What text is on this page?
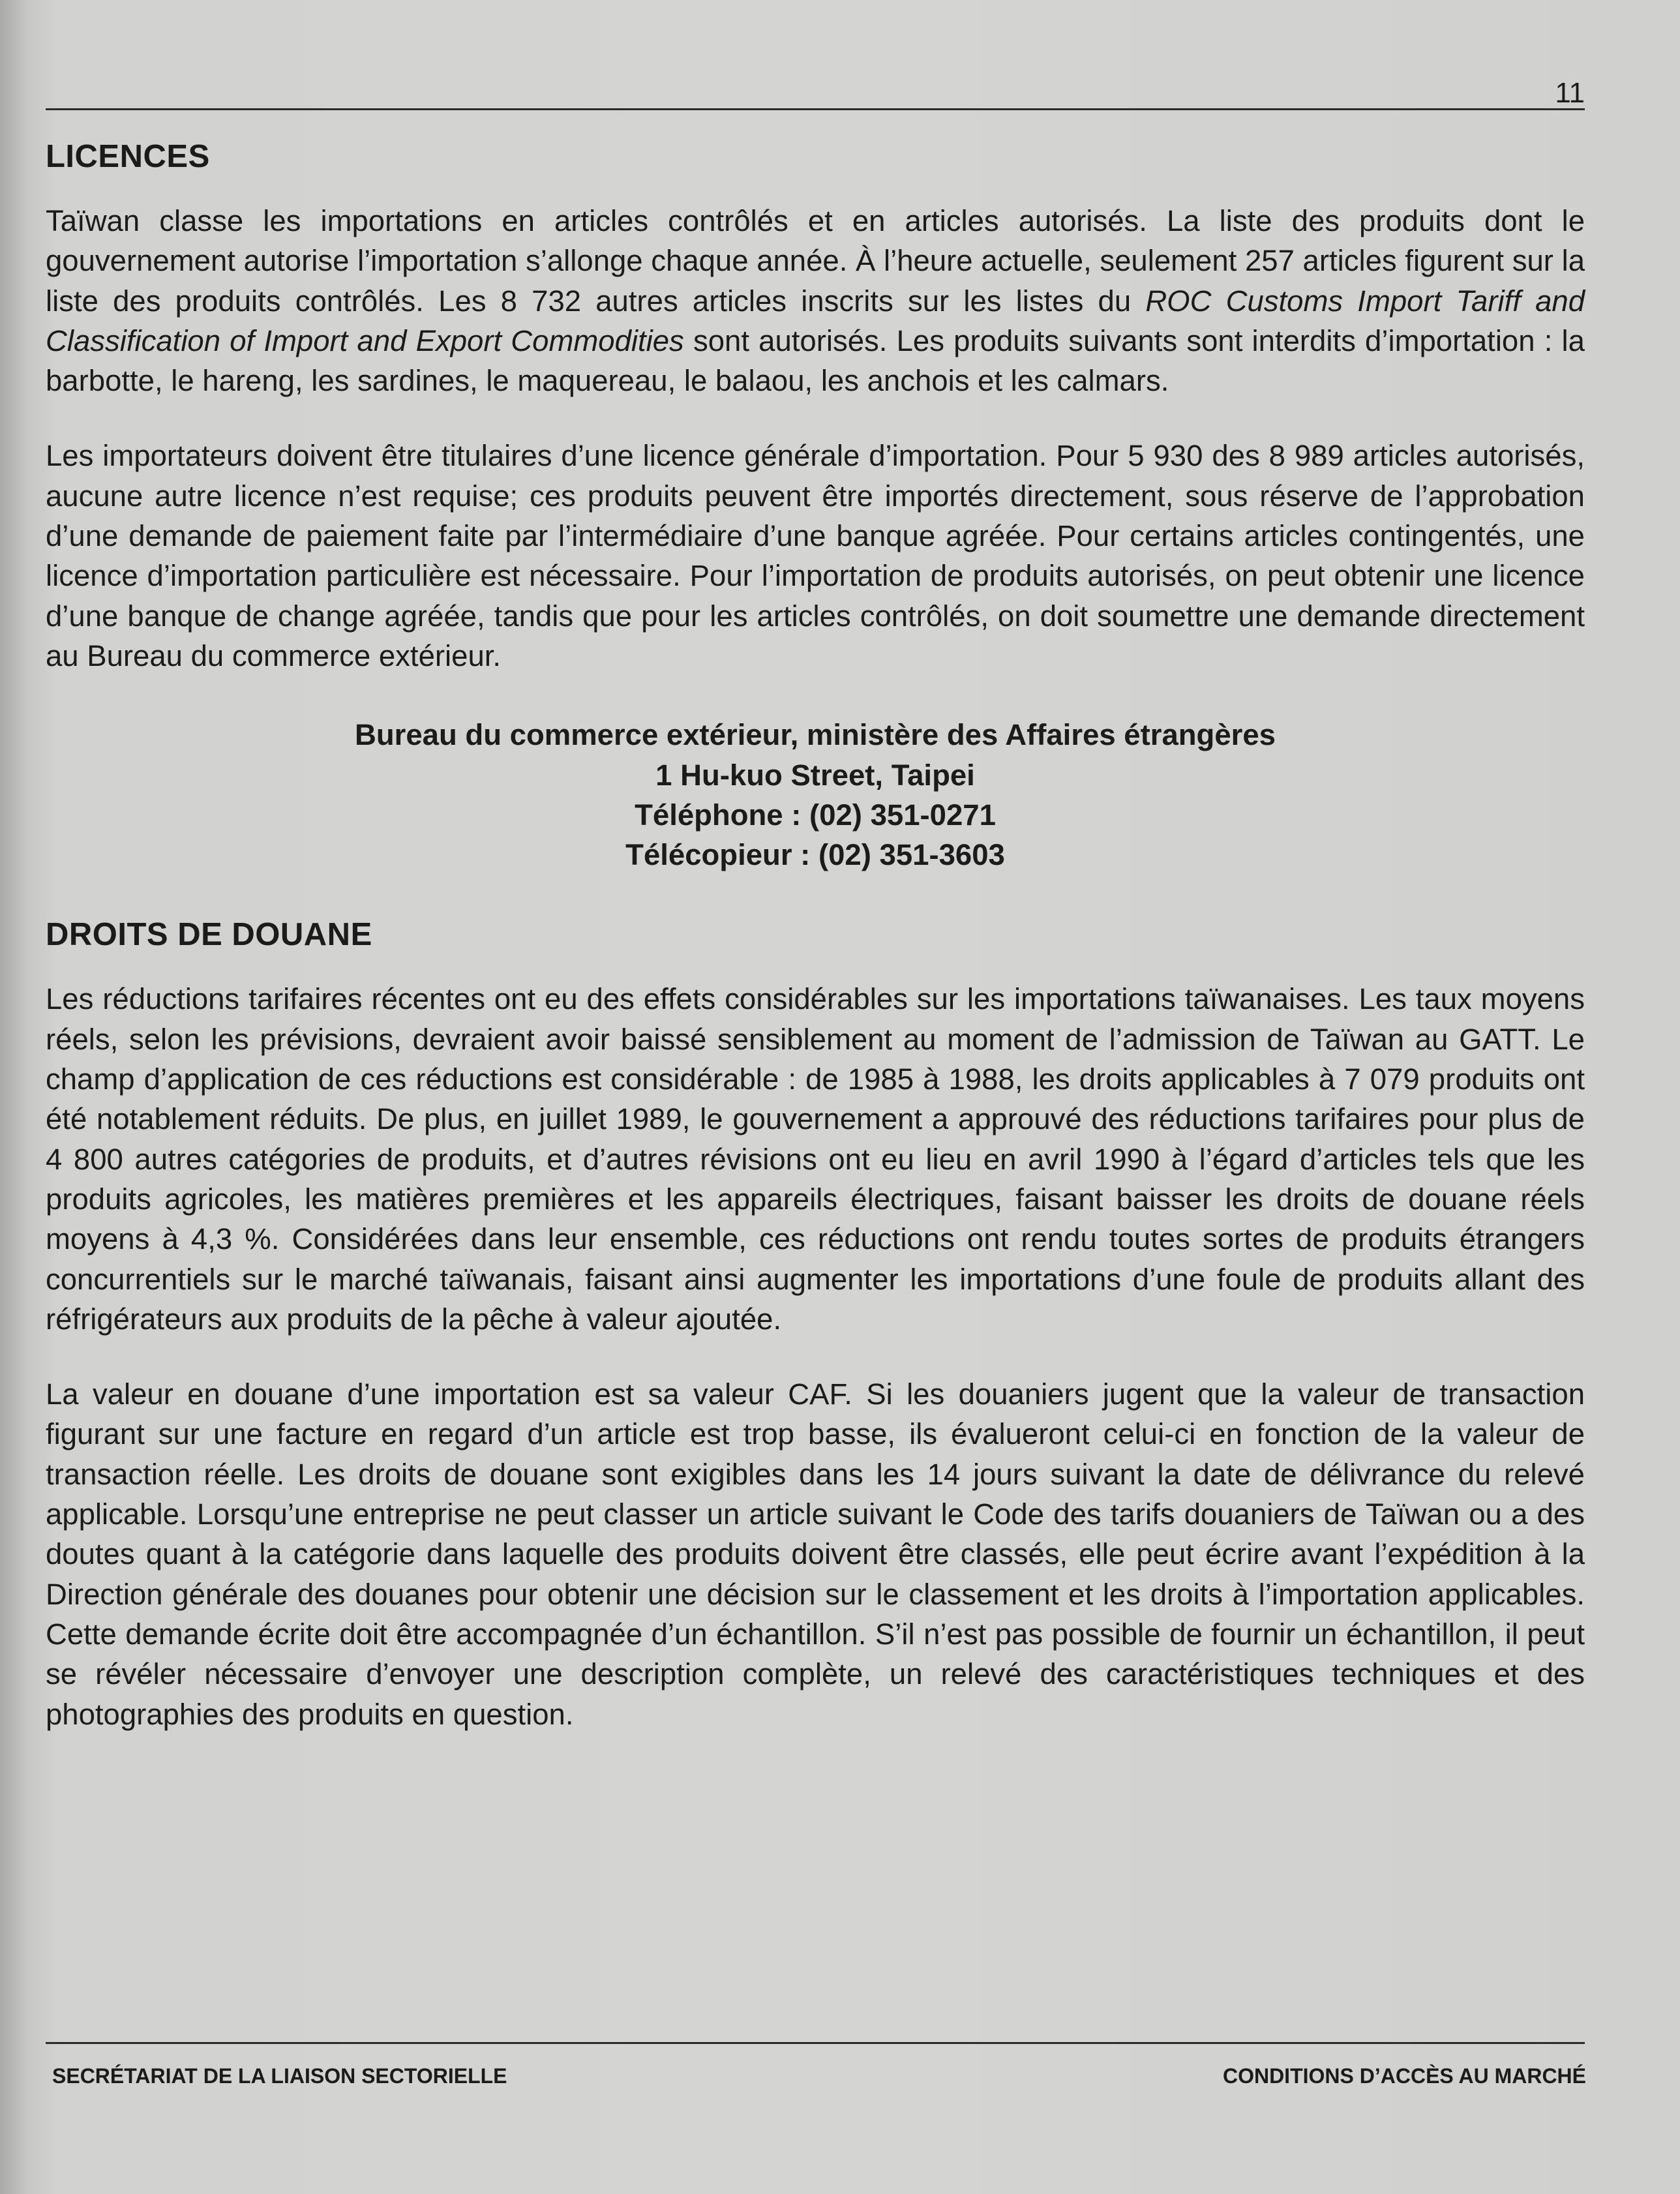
11
LICENCES

Taïwan classe les importations en articles contrôlés et en articles autorisés. La liste des produits dont le gouvernement autorise l’importation s’allonge chaque année. À l’heure actuelle, seulement 257 articles figurent sur la liste des produits contrôlés. Les 8 732 autres articles inscrits sur les listes du ROC Customs Import Tariff and Classification of Import and Export Commodities sont autorisés. Les produits suivants sont interdits d’importation : la barbotte, le hareng, les sardines, le maquereau, le balaou, les anchois et les calmars.

Les importateurs doivent être titulaires d’une licence générale d’importation. Pour 5 930 des 8 989 articles autorisés, aucune autre licence n’est requise; ces produits peuvent être importés directement, sous réserve de l’approbation d’une demande de paiement faite par l’intermédiaire d’une banque agréée. Pour certains articles contingentés, une licence d’importation particulière est nécessaire. Pour l’importation de produits autorisés, on peut obtenir une licence d’une banque de change agréée, tandis que pour les articles contrôlés, on doit soumettre une demande directement au Bureau du commerce extérieur.

Bureau du commerce extérieur, ministère des Affaires étrangères

1 Hu-kuo Street, Taipei

Téléphone : (02) 351-0271

Télécopieur : (02) 351-3603

DROITS DE DOUANE

Les réductions tarifaires récentes ont eu des effets considérables sur les importations taïwanaises. Les taux moyens réels, selon les prévisions, devraient avoir baissé sensiblement au moment de l’admission de Taïwan au GATT. Le champ d’application de ces réductions est considérable : de 1985 à 1988, les droits applicables à 7 079 produits ont été notablement réduits. De plus, en juillet 1989, le gouvernement a approuvé des réductions tarifaires pour plus de 4 800 autres catégories de produits, et d’autres révisions ont eu lieu en avril 1990 à l’égard d’articles tels que les produits agricoles, les matières premières et les appareils électriques, faisant baisser les droits de douane réels moyens à 4,3 %. Considérées dans leur ensemble, ces réductions ont rendu toutes sortes de produits étrangers concurrentiels sur le marché taïwanais, faisant ainsi augmenter les importations d’une foule de produits allant des réfrigérateurs aux produits de la pêche à valeur ajoutée.

La valeur en douane d’une importation est sa valeur CAF. Si les douaniers jugent que la valeur de transaction figurant sur une facture en regard d’un article est trop basse, ils évalueront celui-ci en fonction de la valeur de transaction réelle. Les droits de douane sont exigibles dans les 14 jours suivant la date de délivrance du relevé applicable. Lorsqu’une entreprise ne peut classer un article suivant le Code des tarifs douaniers de Taïwan ou a des doutes quant à la catégorie dans laquelle des produits doivent être classés, elle peut écrire avant l’expédition à la Direction générale des douanes pour obtenir une décision sur le classement et les droits à l’importation applicables. Cette demande écrite doit être accompagnée d’un échantillon. S’il n’est pas possible de fournir un échantillon, il peut se révéler nécessaire d’envoyer une description complète, un relevé des caractéristiques techniques et des photographies des produits en question.

SECRÉTARIAT DE LA LIAISON SECTORIELLE	CONDITIONS D’ACCÈS AU MARCHÉ
